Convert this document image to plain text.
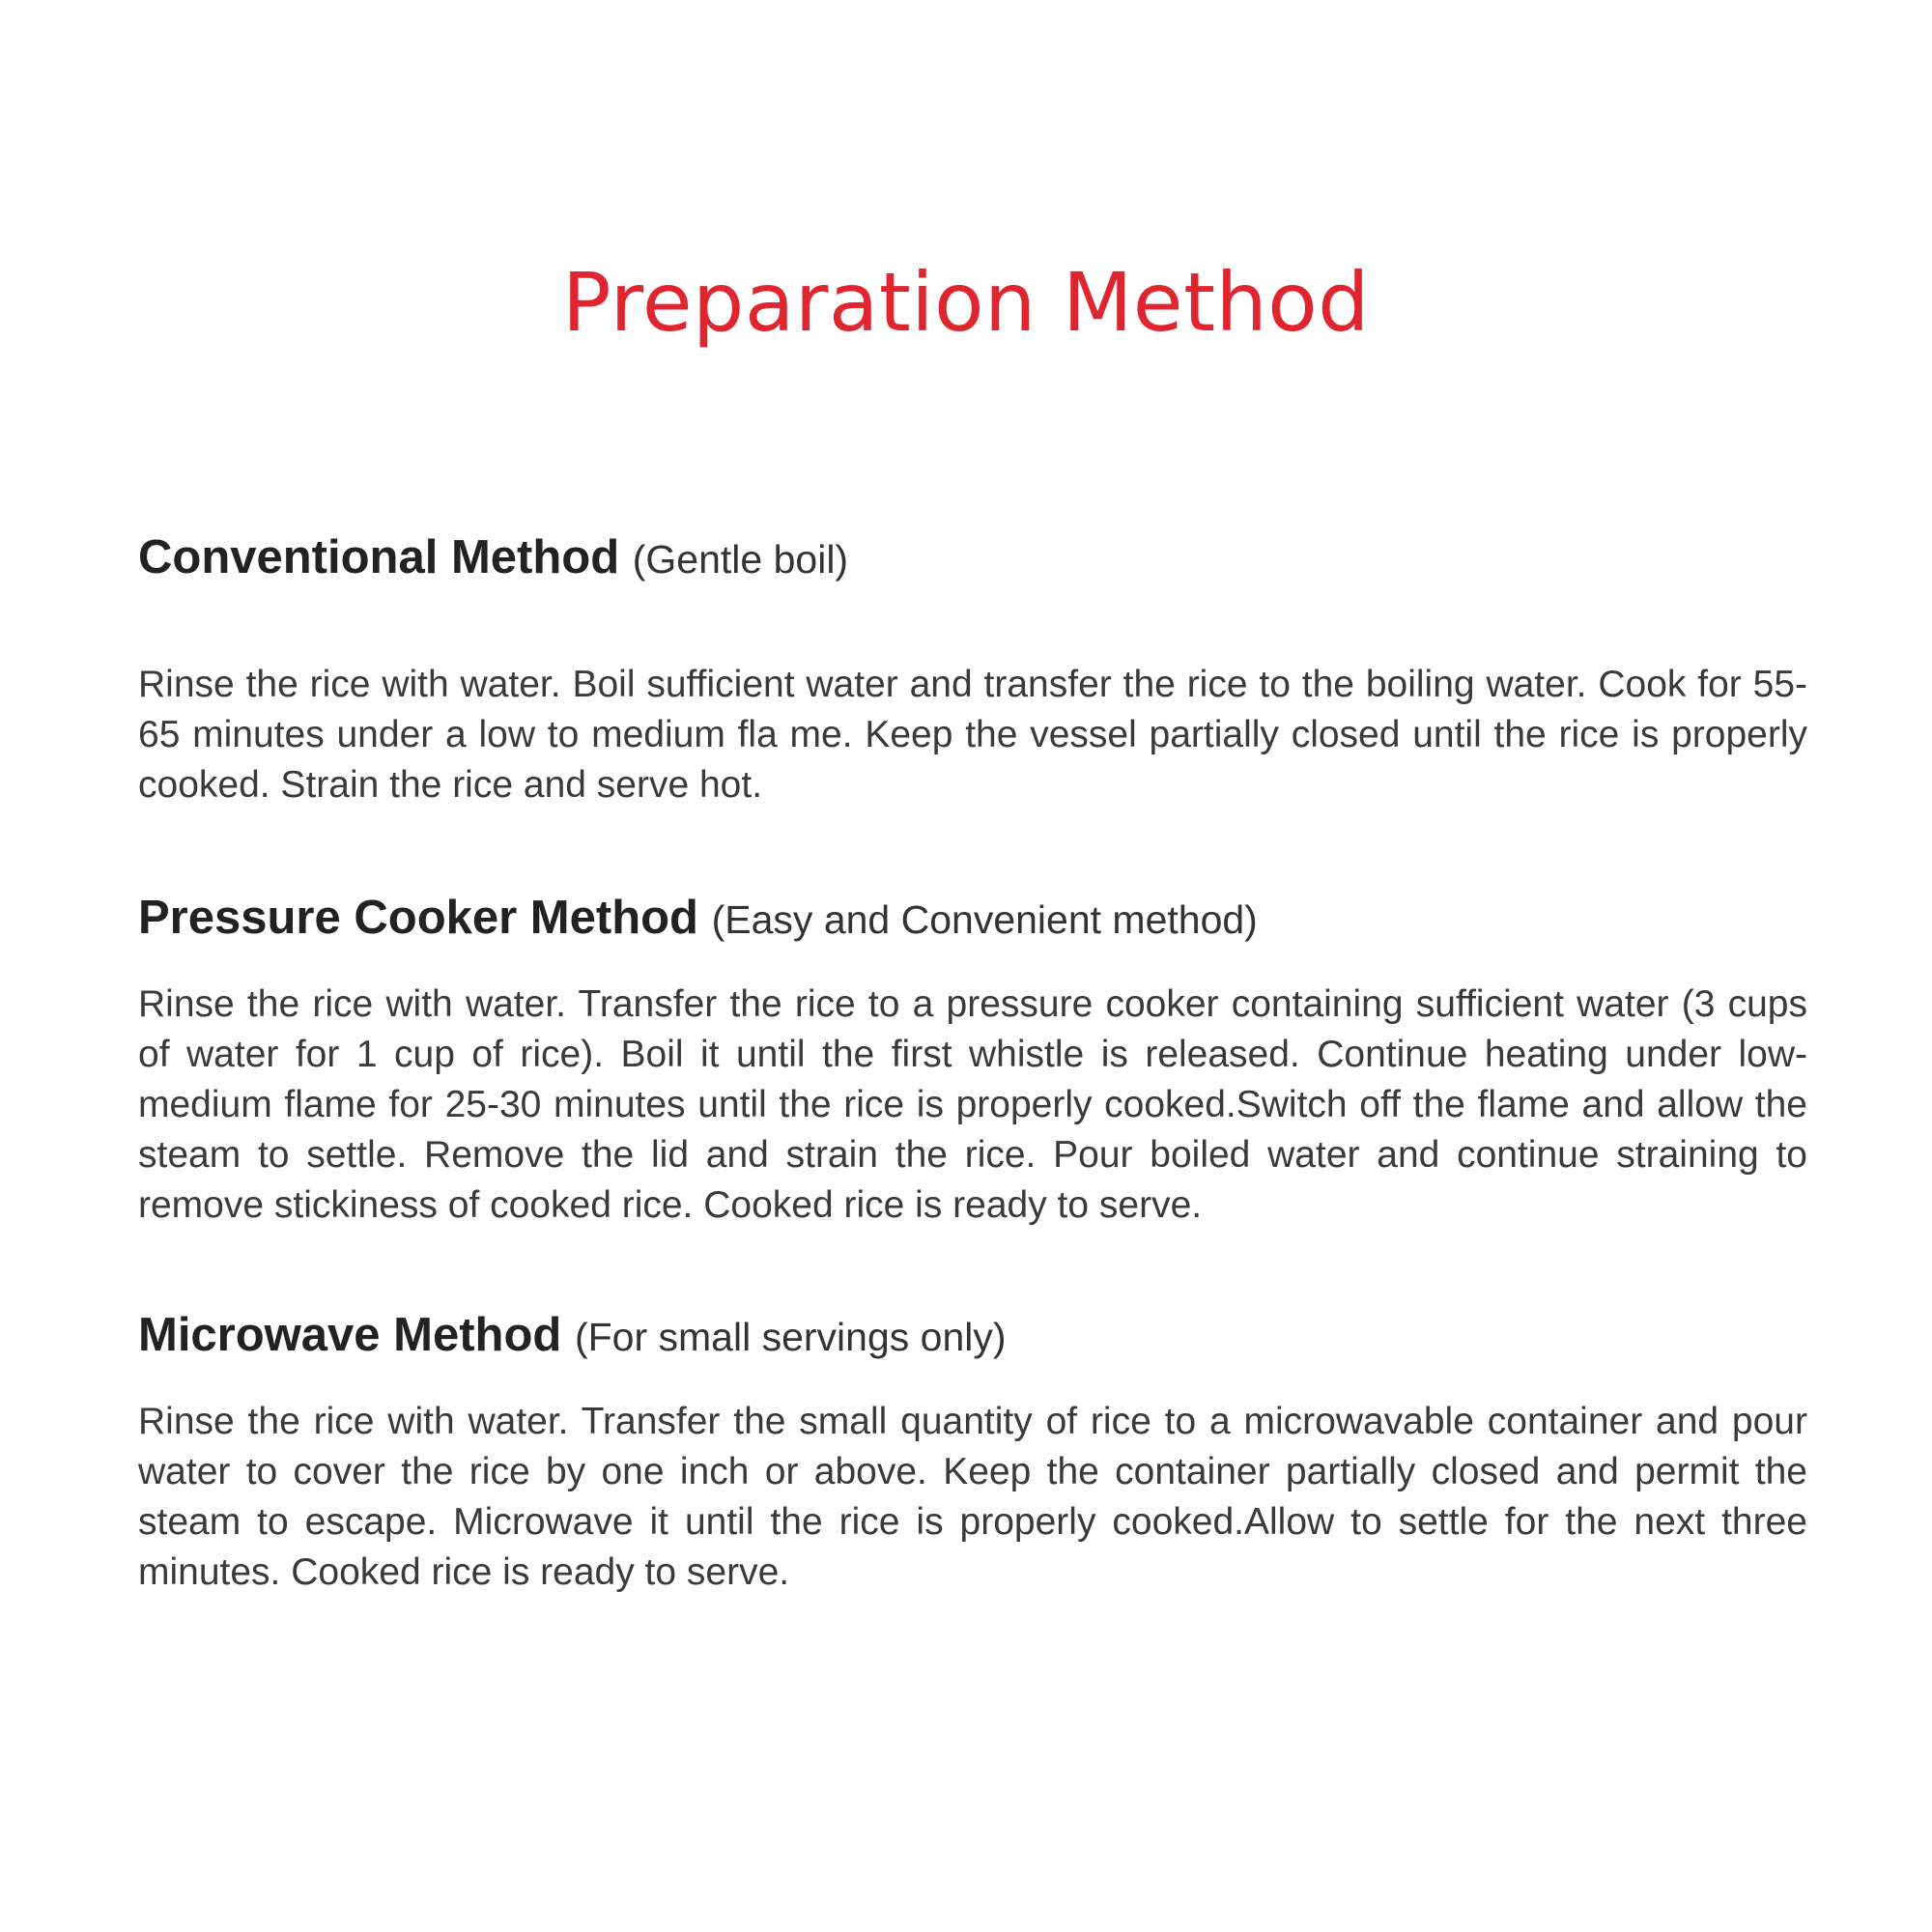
Preparation Method
Conventional Method (Gentle boil)

Rinse the rice with water. Boil sufficient water and transfer the rice to the boiling water. Cook for 55-65 minutes under a low to medium fla me. Keep the vessel partially closed until the rice is properly cooked. Strain the rice and serve hot.

Pressure Cooker Method (Easy and Convenient method)

Rinse the rice with water. Transfer the rice to a pressure cooker containing sufficient water (3 cups of water for 1 cup of rice). Boil it until the first whistle is released. Continue heating under low- medium flame for 25-30 minutes until the rice is properly cooked.Switch off the flame and allow the steam to settle. Remove the lid and strain the rice. Pour boiled water and continue straining to remove stickiness of cooked rice. Cooked rice is ready to serve.

Microwave Method (For small servings only)

Rinse the rice with water. Transfer the small quantity of rice to a microwavable container and pour water to cover the rice by one inch or above. Keep the container partially closed and permit the steam to escape. Microwave it until the rice is properly cooked.Allow to settle for the next three minutes. Cooked rice is ready to serve.
